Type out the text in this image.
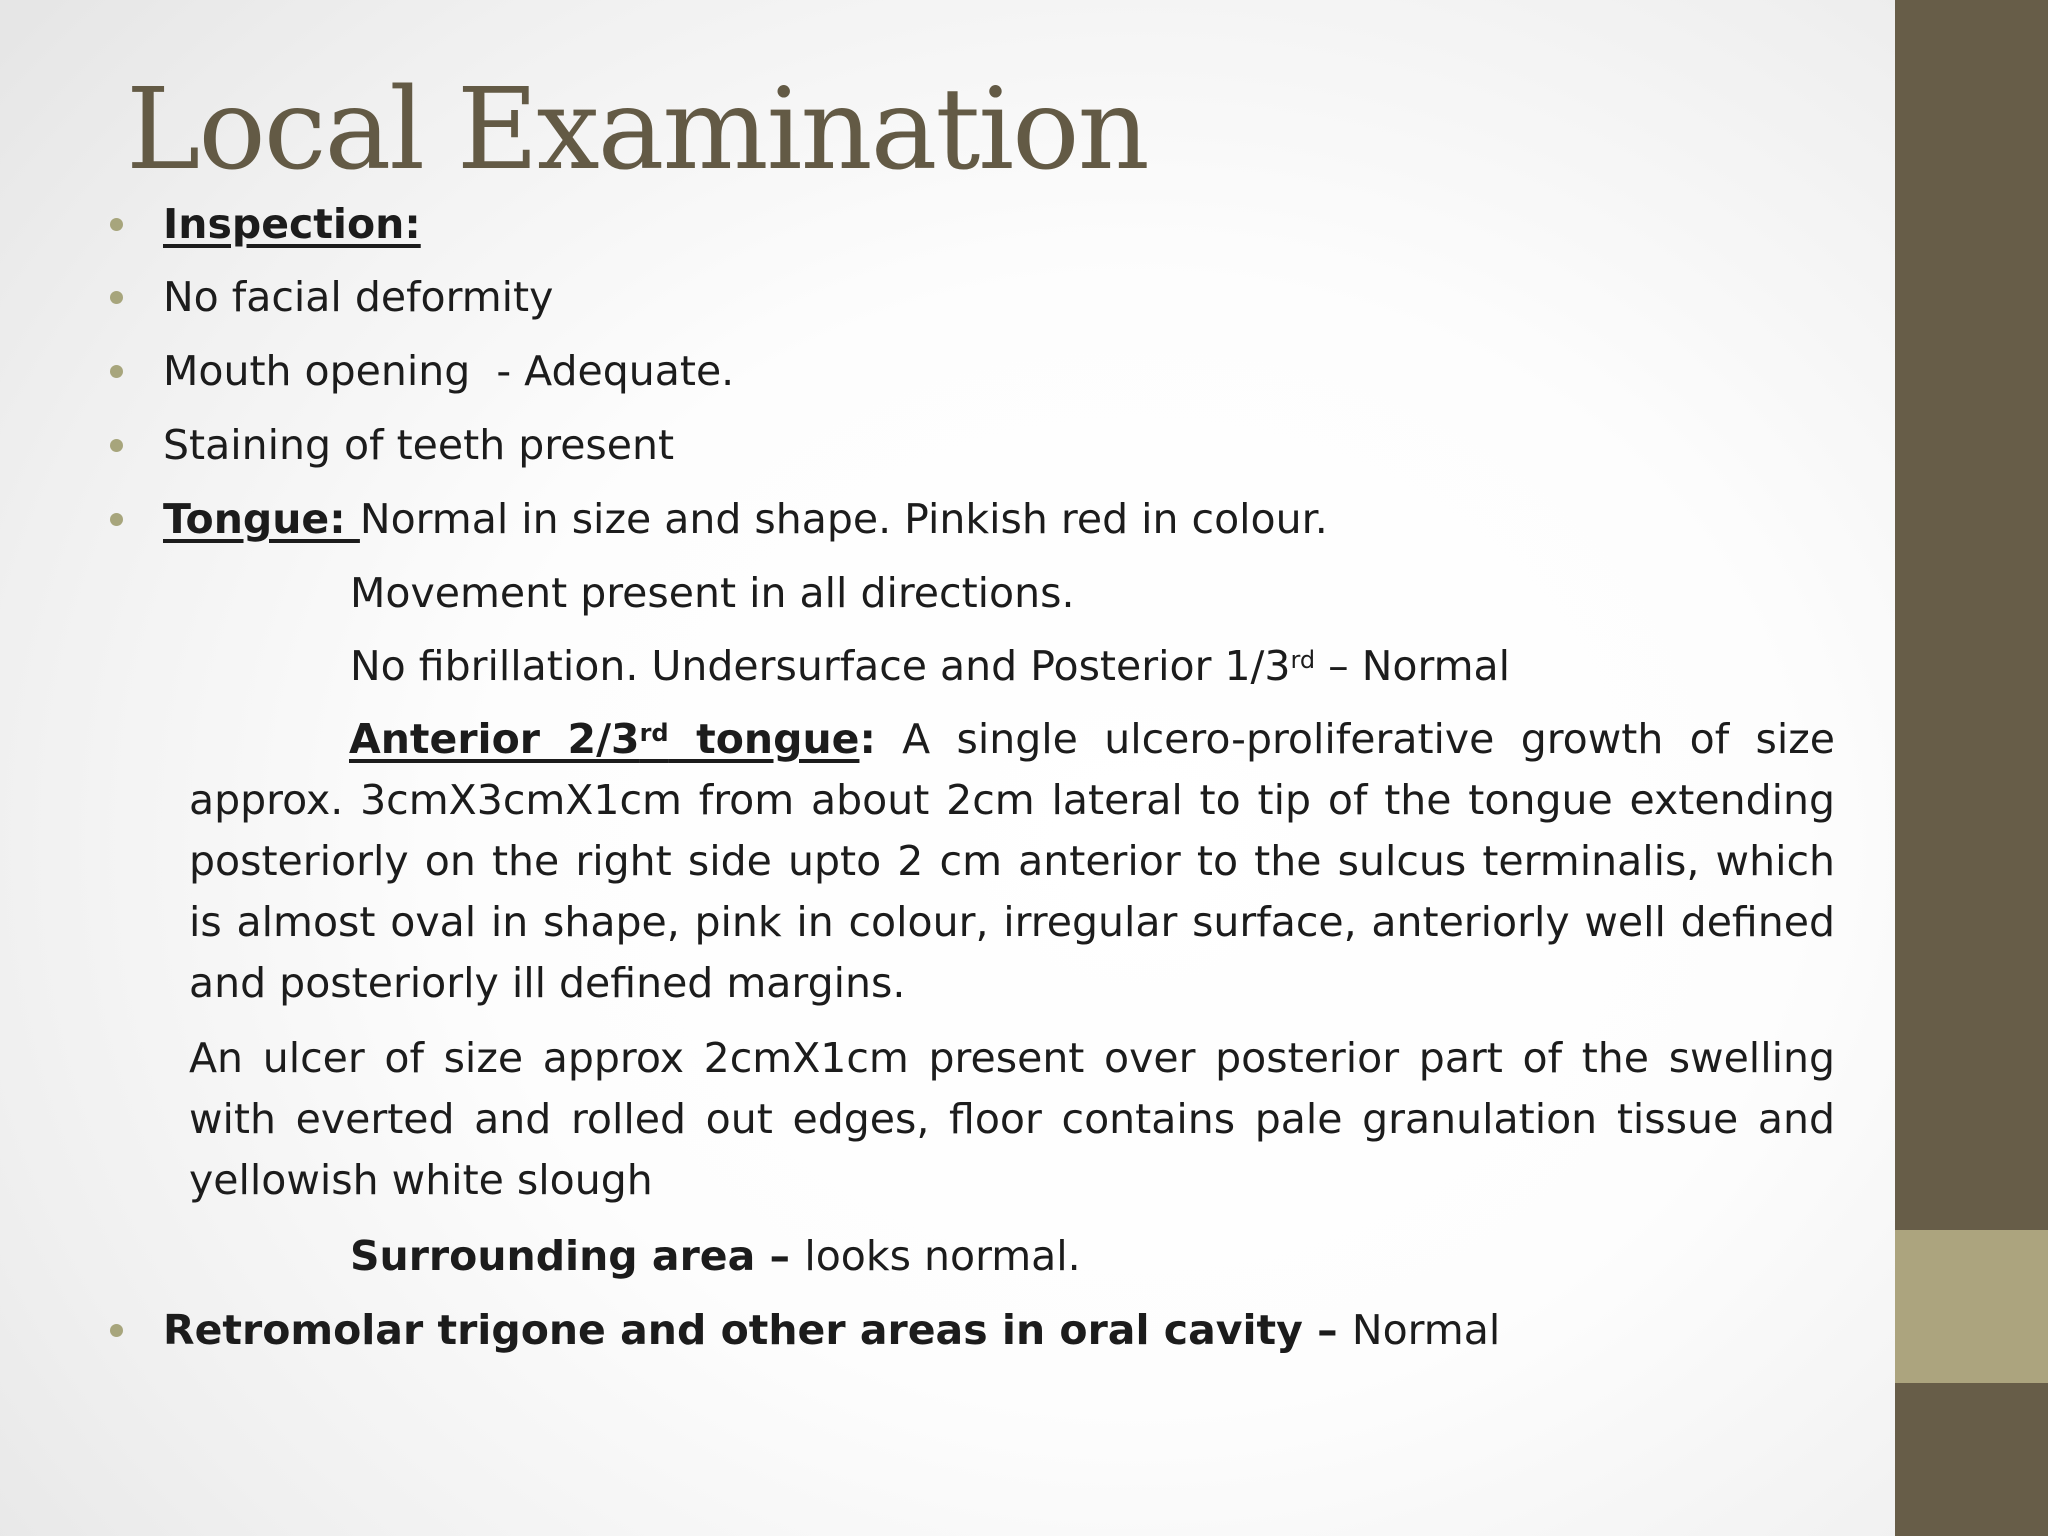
Local Examination
Inspection:
No facial deformity
Mouth opening  - Adequate.
Staining of teeth present
Tongue: Normal in size and shape. Pinkish red in colour.
Movement present in all directions.
No fibrillation. Undersurface and Posterior 1/3rd – Normal
Anterior 2/3rd tongue: A single ulcero-proliferative growth of size approx. 3cmX3cmX1cm from about 2cm lateral to tip of the tongue extending posteriorly on the right side upto 2 cm anterior to the sulcus terminalis, which is almost oval in shape, pink in colour, irregular surface, anteriorly well defined and posteriorly ill defined margins.
An ulcer of size approx 2cmX1cm present over posterior part of the swelling with everted and rolled out edges, floor contains pale granulation tissue and yellowish white slough
Surrounding area – looks normal.
Retromolar trigone and other areas in oral cavity – Normal
